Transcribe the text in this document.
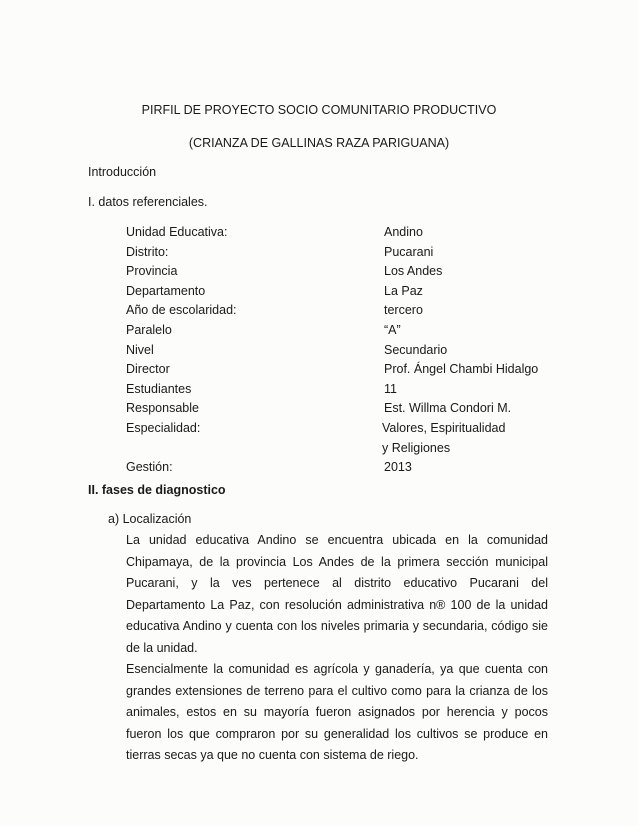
PIRFIL DE PROYECTO SOCIO COMUNITARIO PRODUCTIVO
(CRIANZA DE GALLINAS RAZA PARIGUANA)
Introducción
I. datos referenciales.
Unidad Educativa:	Andino
Distrito:	Pucarani
Provincia	Los Andes
Departamento	La Paz
Año de escolaridad:	tercero
Paralelo	“A”
Nivel	Secundario
Director	Prof. Ángel Chambi Hidalgo
Estudiantes	11
Responsable	Est. Willma Condori M.
Especialidad:	Valores, Espiritualidad y Religiones
Gestión:	2013
II. fases de diagnostico
a) Localización

La unidad educativa Andino se encuentra ubicada en la comunidad Chipamaya, de la provincia Los Andes de la primera sección municipal Pucarani, y la ves pertenece al distrito educativo Pucarani del Departamento La Paz, con resolución administrativa n® 100 de la unidad educativa Andino y cuenta con los niveles primaria y secundaria, código sie de la unidad.

Esencialmente la comunidad es agrícola y ganadería, ya que cuenta con grandes extensiones de terreno para el cultivo como para la crianza de los animales, estos en su mayoría fueron asignados por herencia y pocos fueron los que compraron por su generalidad los cultivos se produce en tierras secas ya que no cuenta con sistema de riego.
